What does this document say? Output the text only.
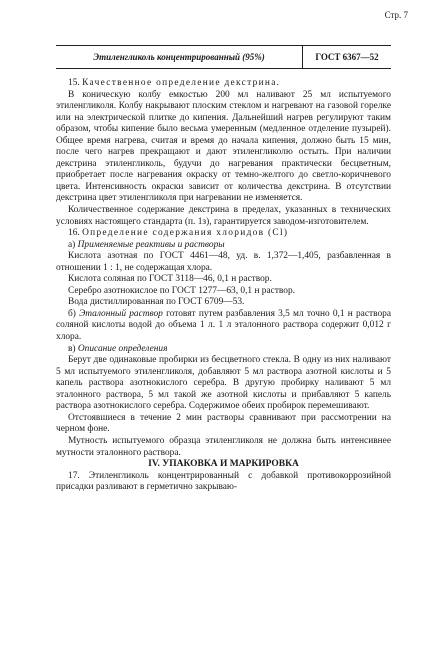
Стр. 7
Этиленгликоль концентрированный (95%)	ГОСТ 6367—52

15. Качественное определение декстрина.

В коническую колбу емкостью 200 мл наливают 25 мл испытуемого этиленгликоля. Колбу накрывают плоским стеклом и нагревают на газовой горелке или на электрической плитке до кипения. Дальнейший нагрев регулируют таким образом, чтобы кипение было весьма умеренным (медленное отделение пузырей). Общее время нагрева, считая и время до начала кипения, должно быть 15 мин, после чего нагрев прекращают и дают этиленгликолю остыть. При наличии декстрина этиленгликоль, будучи до нагревания практически бесцветным, приобретает после нагревания окраску от темно-желтого до светло-коричневого цвета. Интенсивность окраски зависит от количества декстрина. В отсутствии декстрина цвет этиленгликоля при нагревании не изменяется.

Количественное содержание декстрина в пределах, указанных в технических условиях настоящего стандарта (п. 1з), гарантируется заводом-изготовителем.

16. Определение содержания хлоридов (Cl)

а) Применяемые реактивы и растворы

Кислота азотная по ГОСТ 4461—48, уд. в. 1,372—1,405, разбавленная в отношении 1 : 1, не содержащая хлора.

Кислота соляная по ГОСТ 3118—46, 0,1 н раствор.

Серебро азотнокислое по ГОСТ 1277—63, 0,1 н раствор.

Вода дистиллированная по ГОСТ 6709—53.

б) Эталонный раствор готовят путем разбавления 3,5 мл точно 0,1 н раствора соляной кислоты водой до объема 1 л. 1 л эталонного раствора содержит 0,012 г хлора.

в) Описание определения

Берут две одинаковые пробирки из бесцветного стекла. В одну из них наливают 5 мл испытуемого этиленгликоля, добавляют 5 мл раствора азотной кислоты и 5 капель раствора азотнокислого серебра. В другую пробирку наливают 5 мл эталонного раствора, 5 мл такой же азотной кислоты и прибавляют 5 капель раствора азотнокислого серебра. Содержимое обеих пробирок перемешивают.

Отстоявшиеся в течение 2 мин растворы сравнивают при рассмотрении на черном фоне.

Мутность испытуемого образца этиленгликоля не должна быть интенсивнее мутности эталонного раствора.

IV. УПАКОВКА И МАРКИРОВКА

17. Этиленгликоль концентрированный с добавкой противокоррозийной присадки разливают в герметично закрываю-
